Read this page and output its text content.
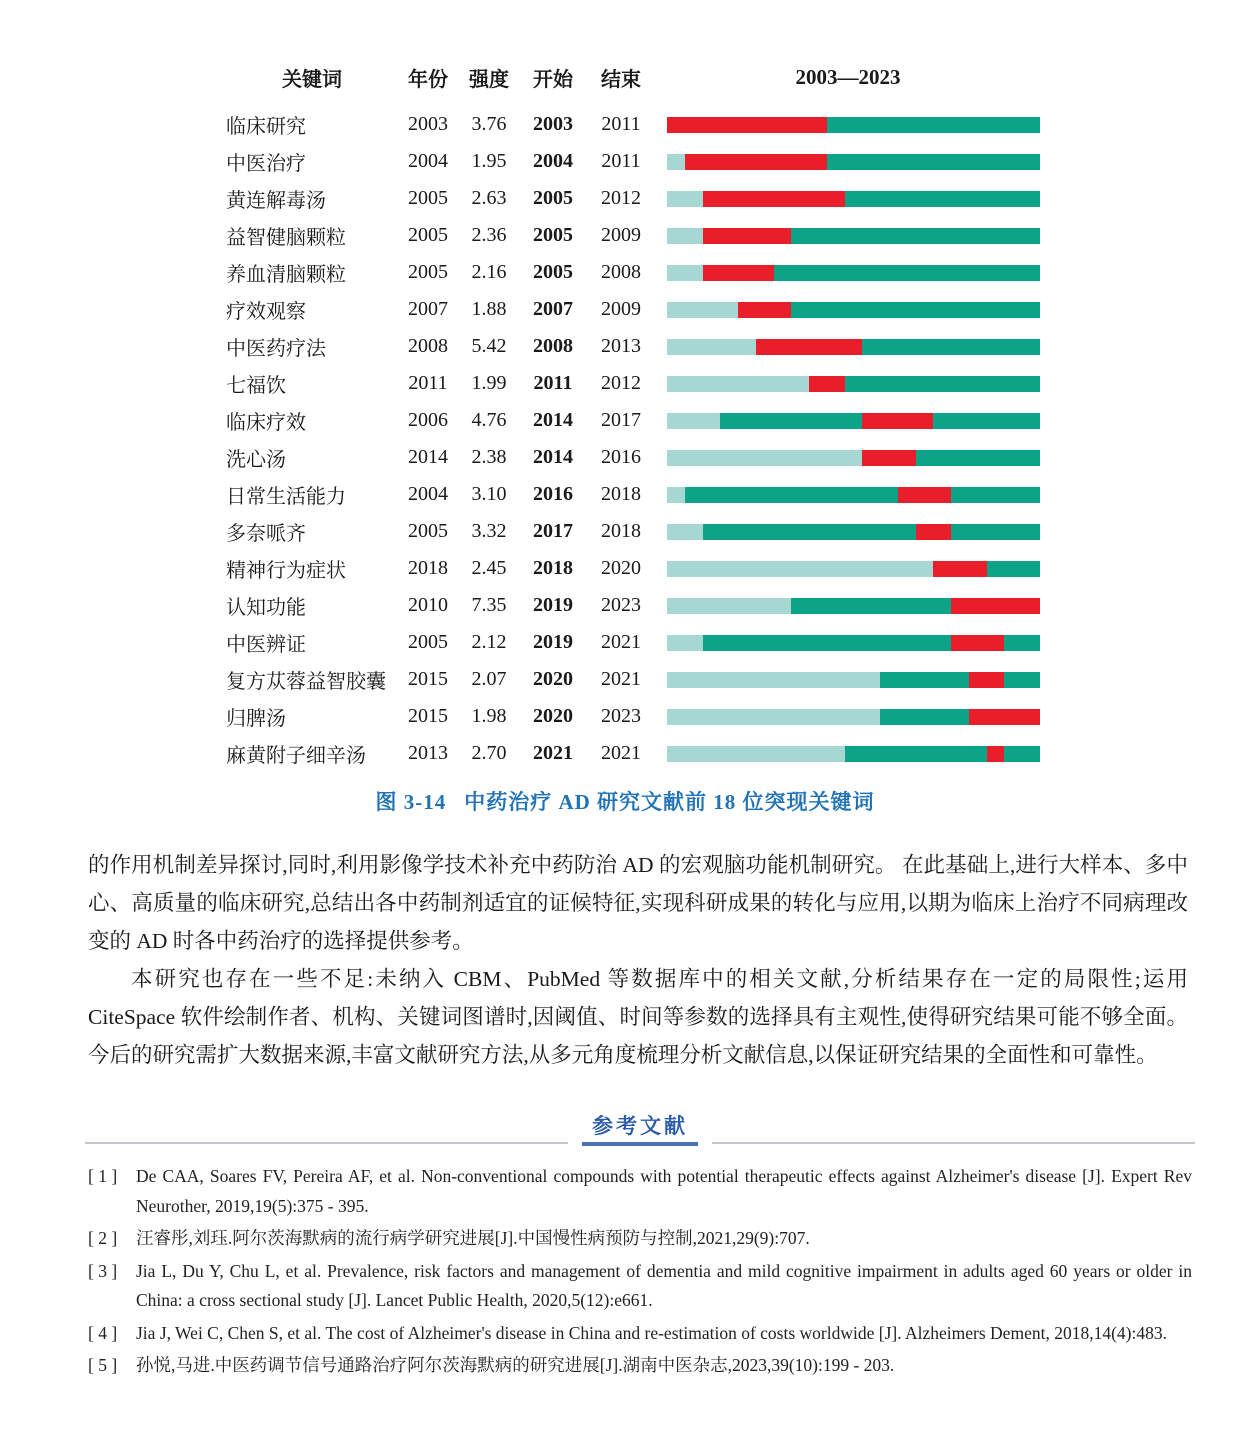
关键词	年份	强度	开始	结束	2003—2023
临床研究	2003	3.76	2003	2011
中医治疗	2004	1.95	2004	2011
黄连解毒汤	2005	2.63	2005	2012
益智健脑颗粒	2005	2.36	2005	2009
养血清脑颗粒	2005	2.16	2005	2008
疗效观察	2007	1.88	2007	2009
中医药疗法	2008	5.42	2008	2013
七福饮	2011	1.99	2011	2012
临床疗效	2006	4.76	2014	2017
洗心汤	2014	2.38	2014	2016
日常生活能力	2004	3.10	2016	2018
多奈哌齐	2005	3.32	2017	2018
精神行为症状	2018	2.45	2018	2020
认知功能	2010	7.35	2019	2023
中医辨证	2005	2.12	2019	2021
复方苁蓉益智胶囊	2015	2.07	2020	2021
归脾汤	2015	1.98	2020	2023
麻黄附子细辛汤	2013	2.70	2021	2021
图 3-14 中药治疗 AD 研究文献前 18 位突现关键词

的作用机制差异探讨,同时,利用影像学技术补充中药防治 AD 的宏观脑功能机制研究。 在此基础上,进行大样本、多中心、高质量的临床研究,总结出各中药制剂适宜的证候特征,实现科研成果的转化与应用,以期为临床上治疗不同病理改变的 AD 时各中药治疗的选择提供参考。

本研究也存在一些不足:未纳入 CBM、PubMed 等数据库中的相关文献,分析结果存在一定的局限性;运用 CiteSpace 软件绘制作者、机构、关键词图谱时,因阈值、时间等参数的选择具有主观性,使得研究结果可能不够全面。 今后的研究需扩大数据来源,丰富文献研究方法,从多元角度梳理分析文献信息,以保证研究结果的全面性和可靠性。

参考文献
[ 1 ]	De CAA, Soares FV, Pereira AF, et al. Non-conventional compounds with potential therapeutic effects against Alzheimer's disease [J]. Expert Rev Neurother, 2019,19(5):375 - 395.
[ 2 ]	汪睿彤,刘珏.阿尔茨海默病的流行病学研究进展[J].中国慢性病预防与控制,2021,29(9):707.
[ 3 ]	Jia L, Du Y, Chu L, et al. Prevalence, risk factors and management of dementia and mild cognitive impairment in adults aged 60 years or older in China: a cross sectional study [J]. Lancet Public Health, 2020,5(12):e661.
[ 4 ]	Jia J, Wei C, Chen S, et al. The cost of Alzheimer's disease in China and re-estimation of costs worldwide [J]. Alzheimers Dement, 2018,14(4):483.
[ 5 ]	孙悦,马进.中医药调节信号通路治疗阿尔茨海默病的研究进展[J].湖南中医杂志,2023,39(10):199 - 203.
